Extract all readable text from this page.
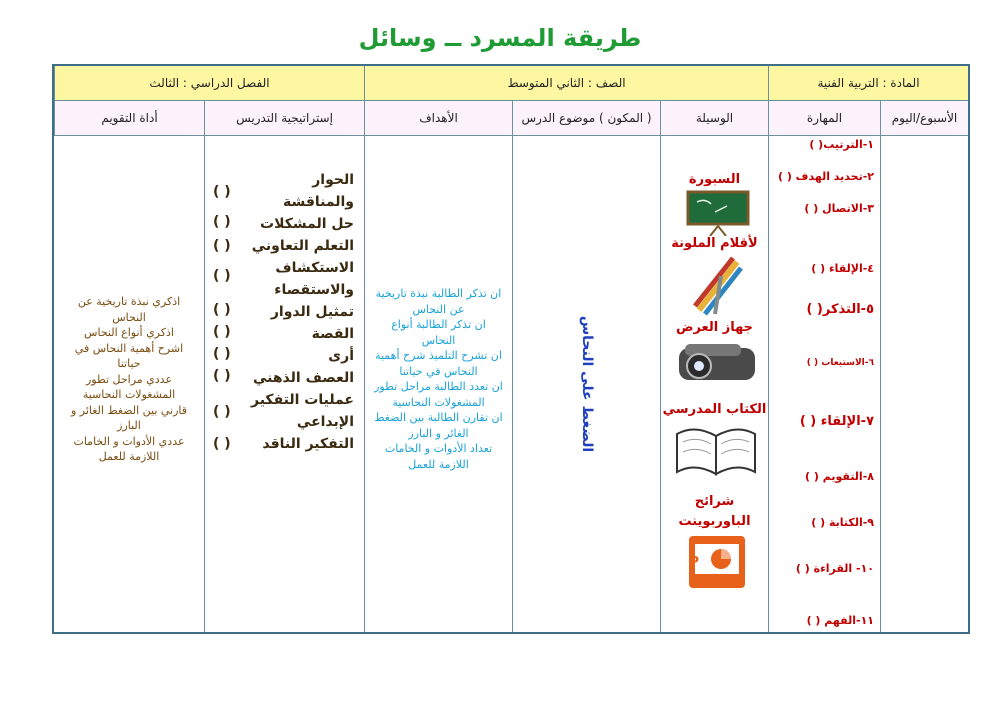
طريقة المسرد ــ وسائل
المادة : التربية الفنية
الصف : الثاني المتوسط
الفصل الدراسي : الثالث
الأسبوع/اليوم
المهارة
الوسيلة
( المكون ) موضوع الدرس
الأهداف
إستراتيجية التدريس
أداة التقويم
١-الترتيب( )
٢-تحديد الهدف ( )
٣-الاتصال ( )
٤-الإلقاء ( )
٥-التذكر( )
٦-الاستيعاب ( )
٧-الإلقاء ( )
٨-التقويم ( )
٩-الكتابة ( )
١٠- القراءة ( )
١١-الفهم ( )
السبورة
لأقلام الملونة
جهاز العرض
الكتاب المدرسي
شرائح الباوربوينت
P
الضغط على النحاس
ان تذكر الطالبة نبذة تاريخية
عن النحاس
ان تذكر الطالبة أنواع
النحاس
ان تشرح التلميذ شرح أهمية
النحاس في حياتنا
ان تعدد الطالبة مراحل تطور
المشغولات النحاسية
ان تقارن الطالبة بين الضغط
الغائر و البارز
تعداد الأدوات و الخامات
اللازمة للعمل
الحوار
والمناقشة
حل المشكلات
التعلم التعاوني
الاستكشاف
والاستقصاء
تمثيل الدوار
القصة
أرى
العصف الذهني
عمليات التفكير
الإبداعي
التفكير الناقد
( )
( )
( )
( )
( )
( )
( )
( )
( )
( )
اذكري نبذة تاريخية عن
النحاس
اذكري أنواع النحاس
اشرح أهمية النحاس في
حياتنا
عددي مراحل تطور
المشغولات النحاسية
قارني بين الضغط الغائر و
البارز
عددي الأدوات و الخامات
اللازمة للعمل
